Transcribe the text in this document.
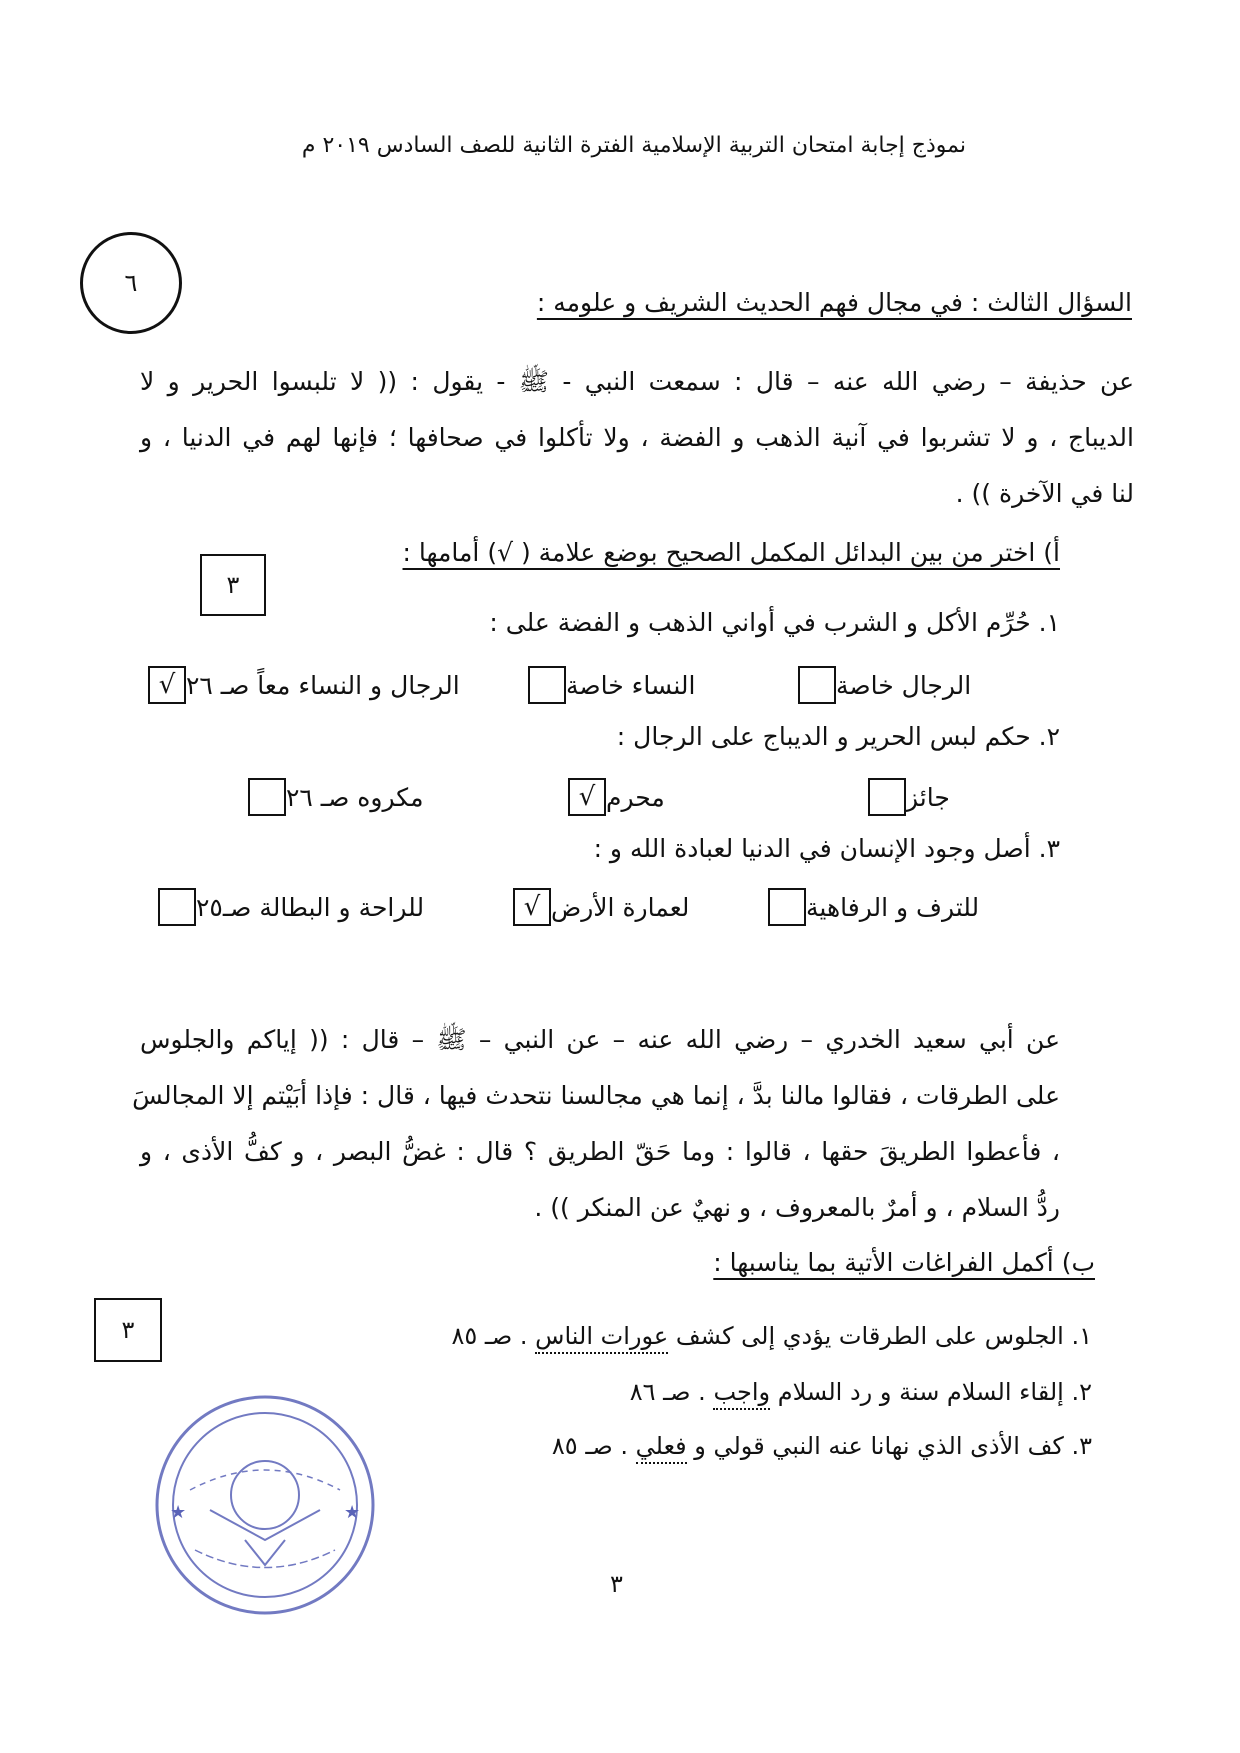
نموذج إجابة امتحان التربية الإسلامية الفترة الثانية للصف السادس ٢٠١٩ م
٦
السؤال الثالث : في مجال فهم الحديث الشريف و علومه :
عن حذيفة – رضي الله عنه – قال : سمعت النبي - ﷺ - يقول : (( لا تلبسوا الحرير و لا
الديباج ، و لا تشربوا في آنية الذهب و الفضة ، ولا تأكلوا في صحافها ؛ فإنها لهم في الدنيا ، و
لنا في الآخرة )) .
أ) اختر من بين البدائل المكمل الصحيح بوضع علامة ( √) أمامها :
٣
١. حُرِّم الأكل و الشرب في أواني الذهب و الفضة على :
الرجال خاصة
النساء خاصة
√ الرجال و النساء معاً صـ ٢٦
٢. حكم لبس الحرير و الديباج على الرجال :
جائز
√ محرم
مكروه صـ ٢٦
٣. أصل وجود الإنسان في الدنيا لعبادة الله و :
للترف و الرفاهية
√ لعمارة الأرض
للراحة و البطالة صـ٢٥
عن أبي سعيد الخدري – رضي الله عنه – عن النبي – ﷺ – قال : (( إياكم والجلوس
على الطرقات ، فقالوا مالنا بدَّ ، إنما هي مجالسنا نتحدث فيها ، قال : فإذا أبَيْتم إلا المجالسَ
، فأعطوا الطريقَ حقها ، قالوا : وما حَقّ الطريق ؟ قال : غضُّ البصر ، و كفُّ الأذى ، و
ردُّ السلام ، و أمرٌ بالمعروف ، و نهيٌ عن المنكر )) .
ب) أكمل الفراغات الأتية بما يناسبها :
٣	١. الجلوس على الطرقات يؤدي إلى كشف عورات الناس . صـ ٨٥
٢. إلقاء السلام سنة و رد السلام واجب . صـ ٨٦
٣. كف الأذى الذي نهانا عنه النبي قولي و فعلي . صـ ٨٥
★	★
٣
